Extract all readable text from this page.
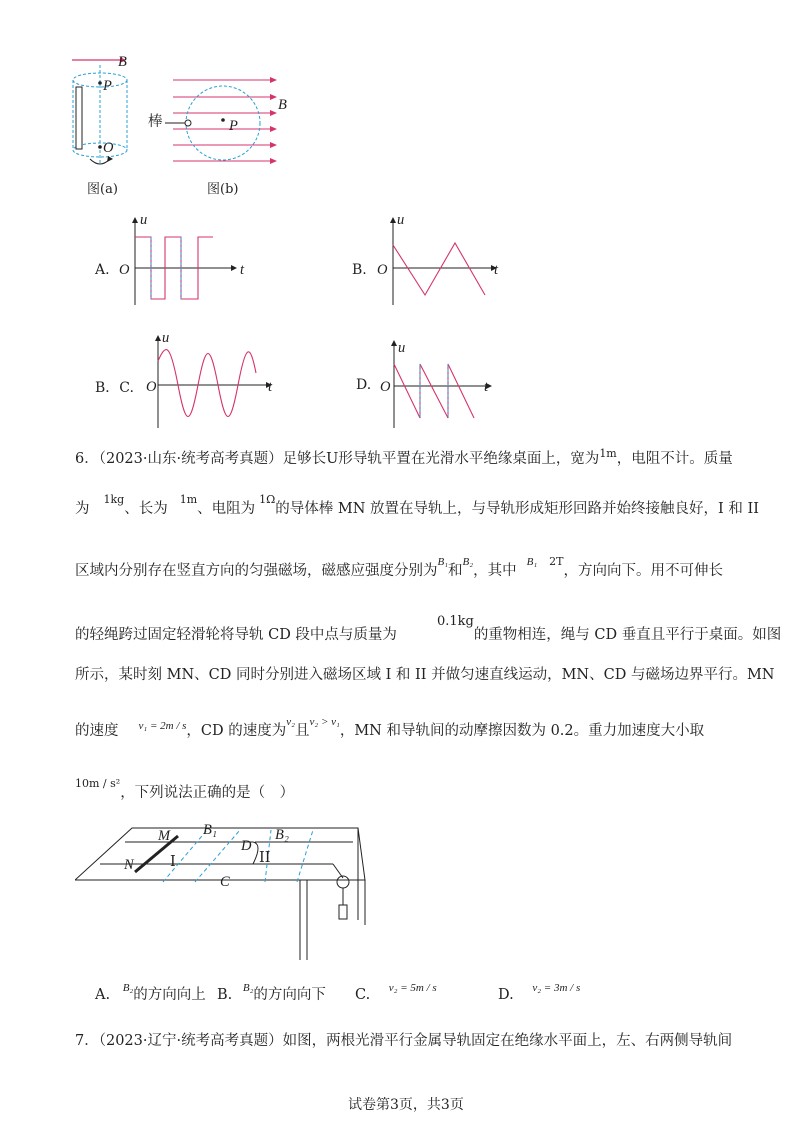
B
P
O
图(a)
棒
B
P
图(b)
A.
u
O	t	B.
u
O	t
B．C.
u
O	t	D.
u
O	t
6．（2023·山东·统考高考真题）足够长U形导轨平置在光滑水平绝缘桌面上，宽为$^{1m}$，电阻不计。质量
为$^{1kg}$、长为$^{1m}$、电阻为$^{1\Omega}$的导体棒 MN 放置在导轨上，与导轨形成矩形回路并始终接触良好，I 和 II
区域内分别存在竖直方向的匀强磁场，磁感应强度分别为$^{B_1}$和$^{B_2}$，其中$^{B_1}$ $^{2T}$，方向向下。用不可伸长
的轻绳跨过固定轻滑轮将导轨 CD 段中点与质量为0.1kg的重物相连，绳与 CD 垂直且平行于桌面。如图
所示，某时刻 MN、CD 同时分别进入磁场区域 I 和 II 并做匀速直线运动，MN、CD 与磁场边界平行。MN
的速度 $^{v_1 = 2m / s}$，CD 的速度为$^{v_2}$且$^{v_2 > v_1}$，MN 和导轨间的动摩擦因数为 0.2。重力加速度大小取
$^{10m / s^2}$，下列说法正确的是（　）
M
N
B₁	B₂
I	II
D
C
A. $^{B_2}$的方向向上 B. $^{B_2}$的方向向下 C. $^{v_2 = 5m / s}$	D. $^{v_2 = 3m / s}$
7．（2023·辽宁·统考高考真题）如图，两根光滑平行金属导轨固定在绝缘水平面上，左、右两侧导轨间
试卷第3页，共3页
